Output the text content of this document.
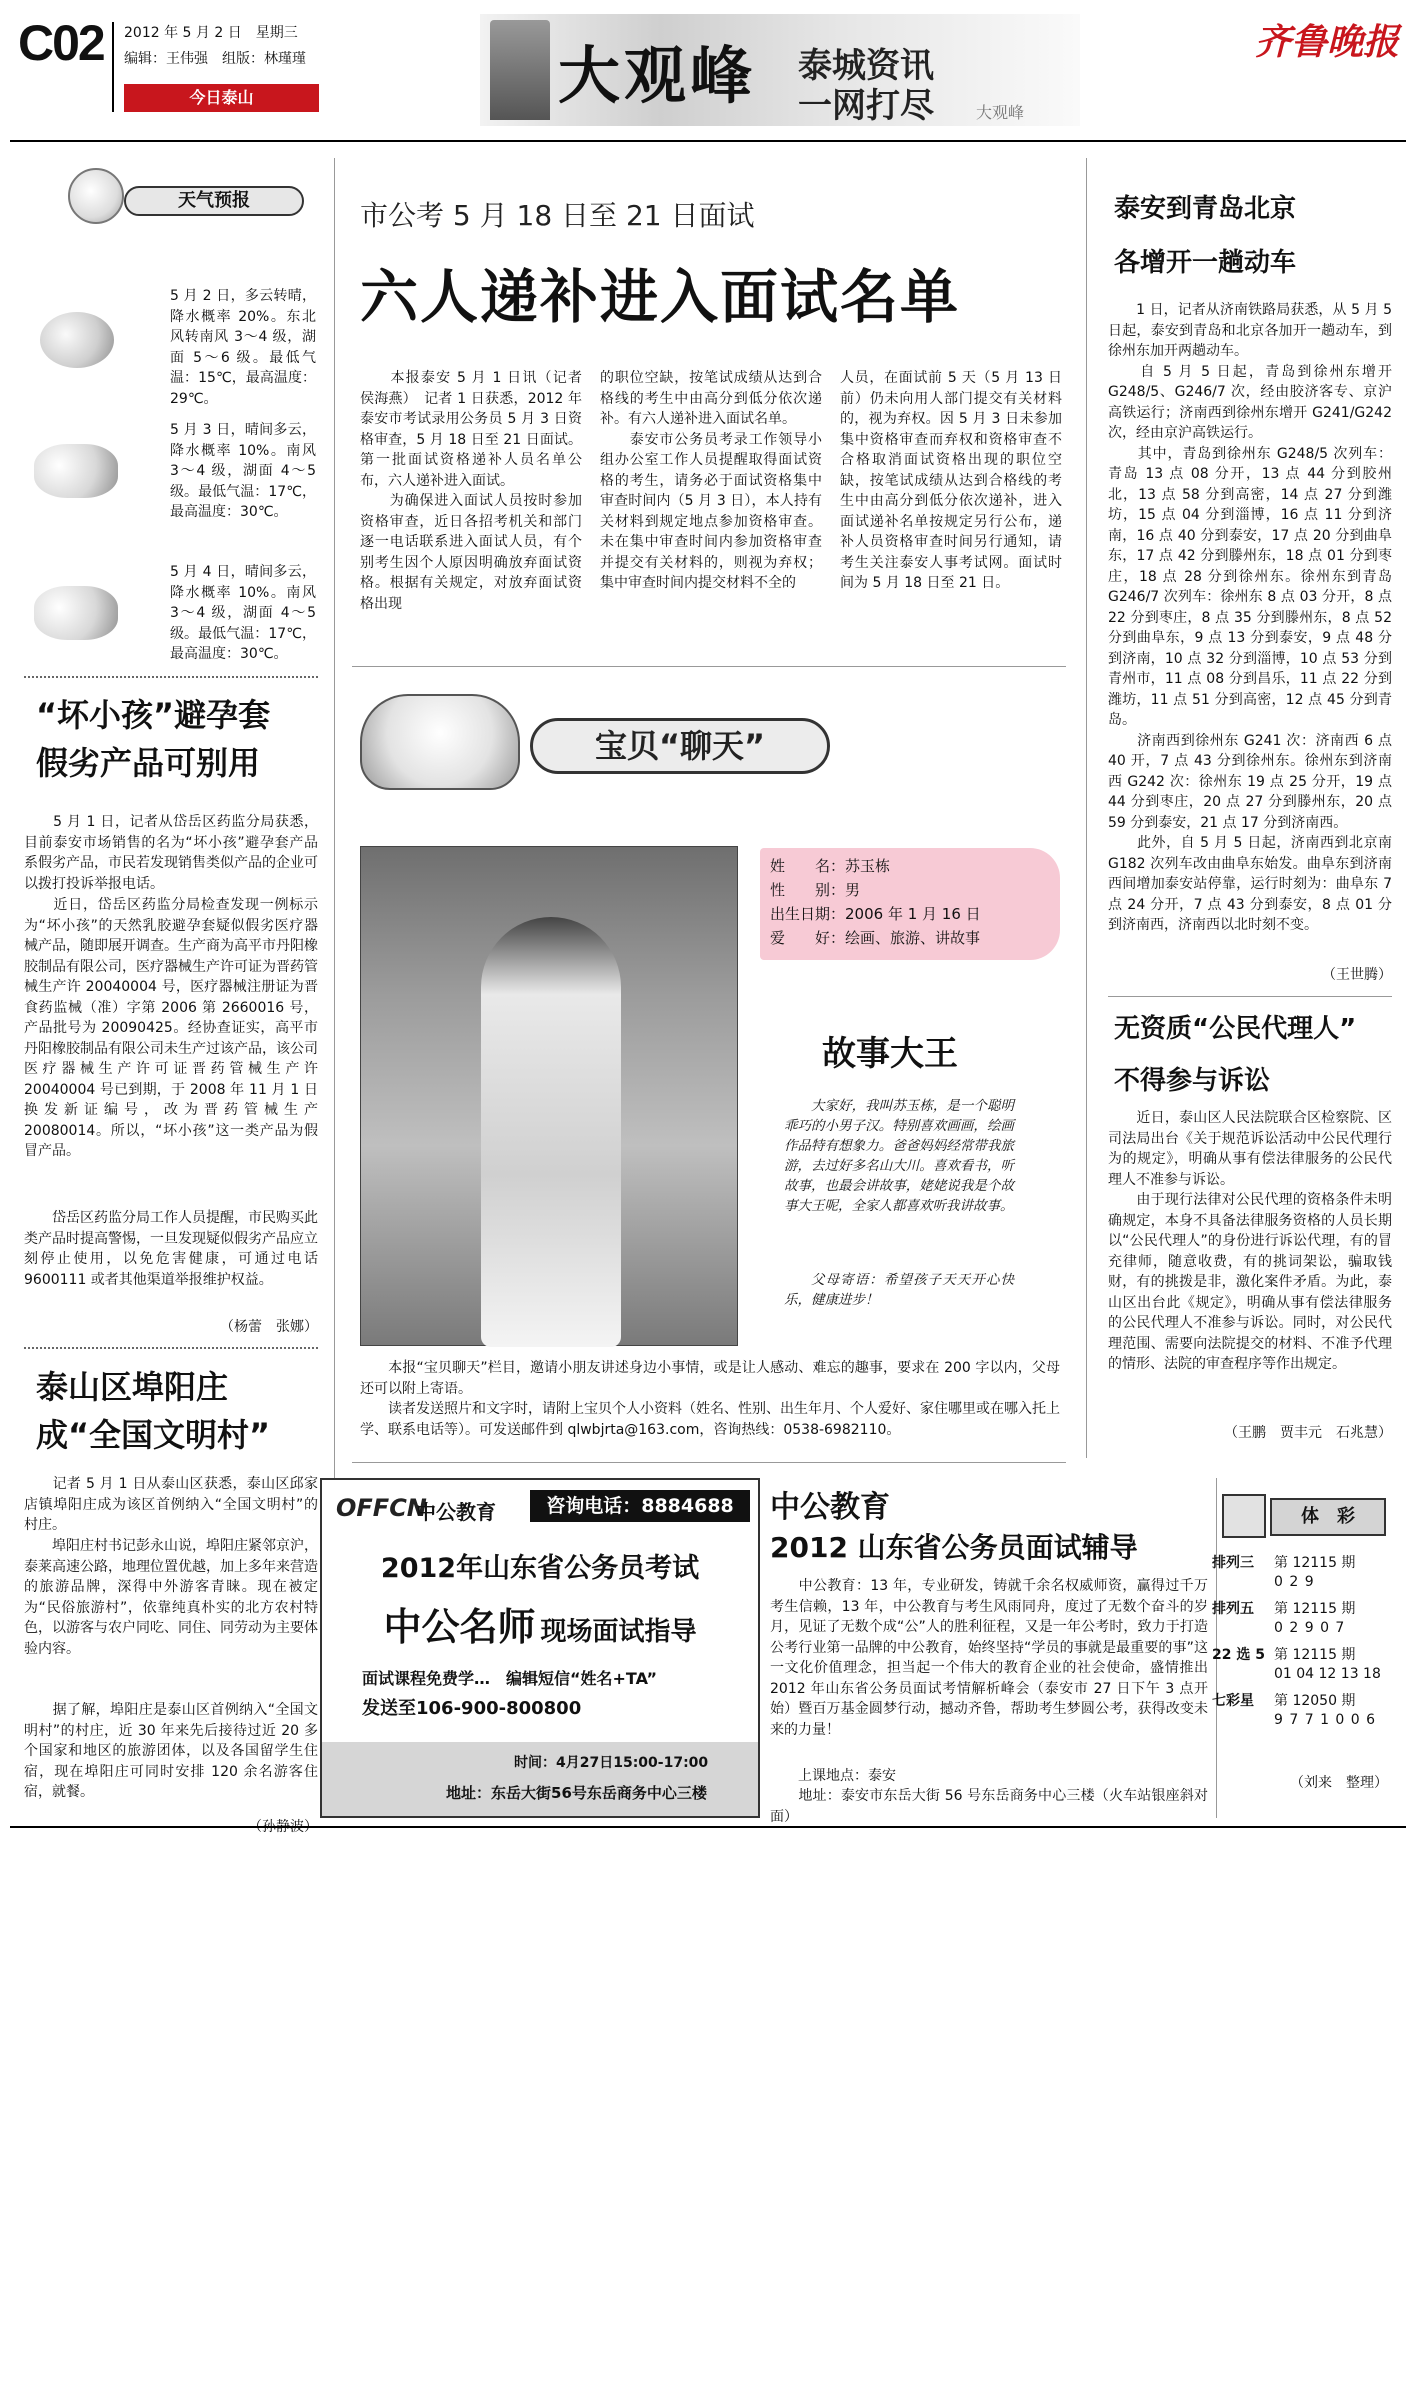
C02 2012 年 5 月 2 日　星期三
编辑：王伟强　组版：林瑾瑾
今日泰山	大观峰 泰城资讯
一网打尽	大观峰
齐鲁晚报
天气预报
5 月 2 日，多云转晴，降水概率 20%。东北风转南风 3～4 级，湖面 5～6 级。最低气温：15℃，最高温度：29℃。
5 月 3 日，晴间多云，降水概率 10%。南风 3～4 级，湖面 4～5 级。最低气温：17℃，最高温度：30℃。
5 月 4 日，晴间多云，降水概率 10%。南风 3～4 级，湖面 4～5 级。最低气温：17℃，最高温度：30℃。
“坏小孩”避孕套
假劣产品可别用
　　5 月 1 日，记者从岱岳区药监分局获悉，目前泰安市场销售的名为“坏小孩”避孕套产品系假劣产品，市民若发现销售类似产品的企业可以拨打投诉举报电话。
　　近日，岱岳区药监分局检查发现一例标示为“坏小孩”的天然乳胶避孕套疑似假劣医疗器械产品，随即展开调查。生产商为高平市丹阳橡胶制品有限公司，医疗器械生产许可证为晋药管械生产许 20040004 号，医疗器械注册证为晋食药监械（准）字第 2006 第 2660016 号，产品批号为 20090425。经协查证实，高平市丹阳橡胶制品有限公司未生产过该产品，该公司医疗器械生产许可证晋药管械生产许 20040004 号已到期，于 2008 年 11 月 1 日换发新证编号，改为晋药管械生产 20080014。所以，“坏小孩”这一类产品为假冒产品。
　　岱岳区药监分局工作人员提醒，市民购买此类产品时提高警惕，一旦发现疑似假劣产品应立刻停止使用，以免危害健康，可通过电话 9600111 或者其他渠道举报维护权益。
（杨蕾　张娜）
泰山区埠阳庄
成“全国文明村”
　　记者 5 月 1 日从泰山区获悉，泰山区邱家店镇埠阳庄成为该区首例纳入“全国文明村”的村庄。
　　埠阳庄村书记彭永山说，埠阳庄紧邻京沪，泰莱高速公路，地理位置优越，加上多年来营造的旅游品牌，深得中外游客青睐。现在被定为“民俗旅游村”，依靠纯真朴实的北方农村特色，以游客与农户同吃、同住、同劳动为主要体验内容。
　　据了解，埠阳庄是泰山区首例纳入“全国文明村”的村庄，近 30 年来先后接待过近 20 多个国家和地区的旅游团体，以及各国留学生住宿，现在埠阳庄可同时安排 120 余名游客住宿，就餐。
（孙静波）
市公考 5 月 18 日至 21 日面试
六人递补进入面试名单
　　本报泰安 5 月 1 日讯（记者 侯海燕）　记者 1 日获悉，2012 年泰安市考试录用公务员 5 月 3 日资格审查，5 月 18 日至 21 日面试。第一批面试资格递补人员名单公布，六人递补进入面试。
　　为确保进入面试人员按时参加资格审查，近日各招考机关和部门逐一电话联系进入面试人员，有个别考生因个人原因明确放弃面试资格。根据有关规定，对放弃面试资格出现
的职位空缺，按笔试成绩从达到合格线的考生中由高分到低分依次递补。有六人递补进入面试名单。
　　泰安市公务员考录工作领导小组办公室工作人员提醒取得面试资格的考生，请务必于面试资格集中审查时间内（5 月 3 日），本人持有关材料到规定地点参加资格审查。未在集中审查时间内参加资格审查并提交有关材料的，则视为弃权；集中审查时间内提交材料不全的
人员，在面试前 5 天（5 月 13 日前）仍未向用人部门提交有关材料的，视为弃权。因 5 月 3 日未参加集中资格审查而弃权和资格审查不合格取消面试资格出现的职位空缺，按笔试成绩从达到合格线的考生中由高分到低分依次递补，进入面试递补名单按规定另行公布，递补人员资格审查时间另行通知，请考生关注泰安人事考试网。面试时间为 5 月 18 日至 21 日。
宝贝“聊天”
姓　　名：苏玉栋
性　　别：男
出生日期：2006 年 1 月 16 日
爱　　好：绘画、旅游、讲故事
故事大王
大家好，我叫苏玉栋，是一个聪明乖巧的小男子汉。特别喜欢画画，绘画作品特有想象力。爸爸妈妈经常带我旅游，去过好多名山大川。喜欢看书，听故事，也最会讲故事，姥姥说我是个故事大王呢，全家人都喜欢听我讲故事。
父母寄语：希望孩子天天开心快乐，健康进步！
　　本报“宝贝聊天”栏目，邀请小朋友讲述身边小事情，或是让人感动、难忘的趣事，要求在 200 字以内，父母还可以附上寄语。
　　读者发送照片和文字时，请附上宝贝个人小资料（姓名、性别、出生年月、个人爱好、家住哪里或在哪入托上学、联系电话等）。可发送邮件到 qlwbjrta@163.com，咨询热线：0538-6982110。
OFFCN
中公教育	咨询电话：8884688
2012年山东省公务员考试
中公名师 现场面试指导
面试课程免费学…　编辑短信“姓名+TA”
发送至106-900-800800
时间：4月27日15:00-17:00
地址：东岳大街56号东岳商务中心三楼
中公教育
2012 山东省公务员面试辅导
　　中公教育：13 年，专业研发，铸就千余名权威师资，赢得过千万考生信赖，13 年，中公教育与考生风雨同舟，度过了无数个奋斗的岁月，见证了无数个成“公”人的胜利征程，又是一年公考时，致力于打造公考行业第一品牌的中公教育，始终坚持“学员的事就是最重要的事”这一文化价值理念，担当起一个伟大的教育企业的社会使命，盛情推出 2012 年山东省公务员面试考情解析峰会（泰安市 27 日下午 3 点开始）暨百万基金圆梦行动，撼动齐鲁，帮助考生梦圆公考，获得改变未来的力量！
　　上课地点：泰安
　　地址：泰安市东岳大街 56 号东岳商务中心三楼（火车站银座斜对面）
泰安到青岛北京
各增开一趟动车
　　1 日，记者从济南铁路局获悉，从 5 月 5 日起，泰安到青岛和北京各加开一趟动车，到徐州东加开两趟动车。
　　自 5 月 5 日起，青岛到徐州东增开 G248/5、G246/7 次，经由胶济客专、京沪高铁运行；济南西到徐州东增开 G241/G242 次，经由京沪高铁运行。
　　其中，青岛到徐州东 G248/5 次列车：青岛 13 点 08 分开，13 点 44 分到胶州北，13 点 58 分到高密，14 点 27 分到潍坊，15 点 04 分到淄博，16 点 11 分到济南，16 点 40 分到泰安，17 点 20 分到曲阜东，17 点 42 分到滕州东，18 点 01 分到枣庄，18 点 28 分到徐州东。徐州东到青岛 G246/7 次列车：徐州东 8 点 03 分开，8 点 22 分到枣庄，8 点 35 分到滕州东，8 点 52 分到曲阜东，9 点 13 分到泰安，9 点 48 分到济南，10 点 32 分到淄博，10 点 53 分到青州市，11 点 08 分到昌乐，11 点 22 分到潍坊，11 点 51 分到高密，12 点 45 分到青岛。
　　济南西到徐州东 G241 次：济南西 6 点 40 开，7 点 43 分到徐州东。徐州东到济南西 G242 次：徐州东 19 点 25 分开，19 点 44 分到枣庄，20 点 27 分到滕州东，20 点 59 分到泰安，21 点 17 分到济南西。
　　此外，自 5 月 5 日起，济南西到北京南 G182 次列车改由曲阜东始发。曲阜东到济南西间增加泰安站停靠，运行时刻为：曲阜东 7 点 24 分开，7 点 43 分到泰安，8 点 01 分到济南西，济南西以北时刻不变。
（王世腾）
无资质“公民代理人”
不得参与诉讼
　　近日，泰山区人民法院联合区检察院、区司法局出台《关于规范诉讼活动中公民代理行为的规定》，明确从事有偿法律服务的公民代理人不准参与诉讼。
　　由于现行法律对公民代理的资格条件未明确规定，本身不具备法律服务资格的人员长期以“公民代理人”的身份进行诉讼代理，有的冒充律师，随意收费，有的挑词架讼，骗取钱财，有的挑拨是非，激化案件矛盾。为此，泰山区出台此《规定》，明确从事有偿法律服务的公民代理人不准参与诉讼。同时，对公民代理范围、需要向法院提交的材料、不准予代理的情形、法院的审查程序等作出规定。
（王鹏　贾丰元　石兆慧）
体　彩
排列三 第 12115 期
0 2 9
排列五 第 12115 期
0 2 9 0 7
22 选 5 第 12115 期
01 04 12 13 18
七彩星 第 12050 期
9 7 7 1 0 0 6
（刘来　整理）
